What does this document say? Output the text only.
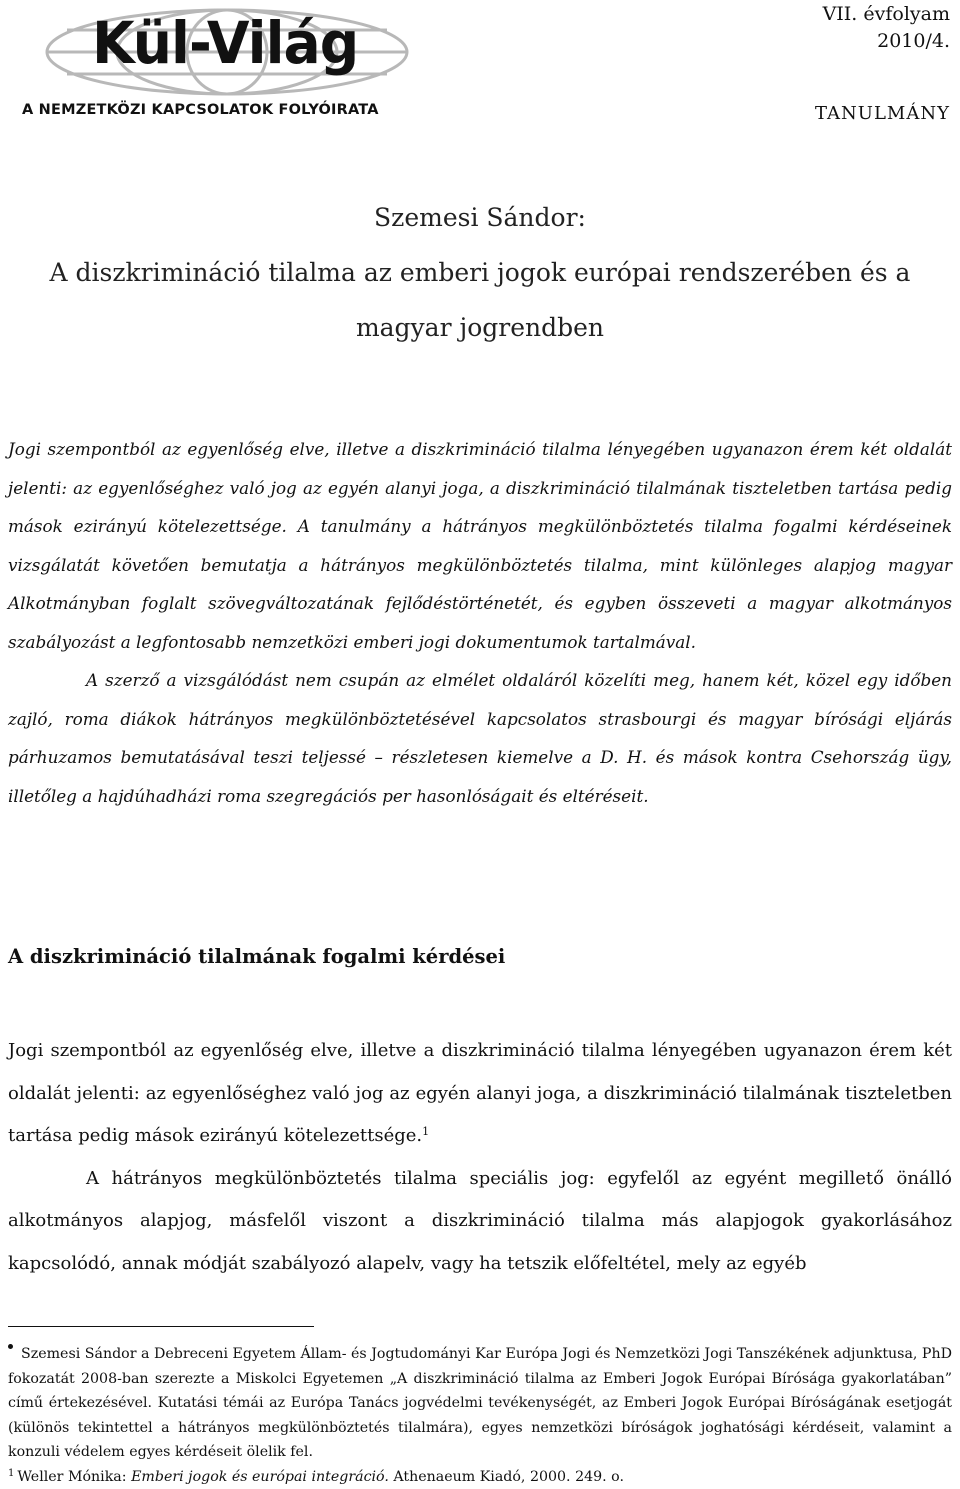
Kül-Világ
A NEMZETKÖZI KAPCSOLATOK FOLYÓIRATA
VII. évfolyam
2010/4.
TANULMÁNY
Szemesi Sándor:
A diszkrimináció tilalma az emberi jogok európai rendszerében és a
magyar jogrendben

Jogi szempontból az egyenlőség elve, illetve a diszkrimináció tilalma lényegében ugyanazon érem két oldalát jelenti: az egyenlőséghez való jog az egyén alanyi joga, a diszkrimináció tilalmának tiszteletben tartása pedig mások ezirányú kötelezettsége. A tanulmány a hátrányos megkülönböztetés tilalma fogalmi kérdéseinek vizsgálatát követően bemutatja a hátrányos megkülönböztetés tilalma, mint különleges alapjog magyar Alkotmányban foglalt szövegváltozatának fejlődéstörténetét, és egyben összeveti a magyar alkotmányos szabályozást a legfontosabb nemzetközi emberi jogi dokumentumok tartalmával.

A szerző a vizsgálódást nem csupán az elmélet oldaláról közelíti meg, hanem két, közel egy időben zajló, roma diákok hátrányos megkülönböztetésével kapcsolatos strasbourgi és magyar bírósági eljárás párhuzamos bemutatásával teszi teljessé – részletesen kiemelve a D. H. és mások kontra Csehország ügy, illetőleg a hajdúhadházi roma szegregációs per hasonlóságait és eltéréseit.

A diszkrimináció tilalmának fogalmi kérdései

Jogi szempontból az egyenlőség elve, illetve a diszkrimináció tilalma lényegében ugyanazon érem két oldalát jelenti: az egyenlőséghez való jog az egyén alanyi joga, a diszkrimináció tilalmának tiszteletben tartása pedig mások ezirányú kötelezettsége.$^1$

A hátrányos megkülönböztetés tilalma speciális jog: egyfelől az egyént megillető önálló alkotmányos alapjog, másfelől viszont a diszkrimináció tilalma más alapjogok gyakorlásához kapcsolódó, annak módját szabályozó alapelv, vagy ha tetszik előfeltétel, mely az egyéb

Szemesi Sándor a Debreceni Egyetem Állam- és Jogtudományi Kar Európa Jogi és Nemzetközi Jogi Tanszékének adjunktusa, PhD fokozatát 2008-ban szerezte a Miskolci Egyetemen „A diszkrimináció tilalma az Emberi Jogok Európai Bírósága gyakorlatában” című értekezésével. Kutatási témái az Európa Tanács jogvédelmi tevékenységét, az Emberi Jogok Európai Bíróságának esetjogát (különös tekintettel a hátrányos megkülönböztetés tilalmára), egyes nemzetközi bíróságok joghatósági kérdéseit, valamint a konzuli védelem egyes kérdéseit ölelik fel.

$^1$ Weller Mónika: Emberi jogok és európai integráció. Athenaeum Kiadó, 2000. 249. o.
